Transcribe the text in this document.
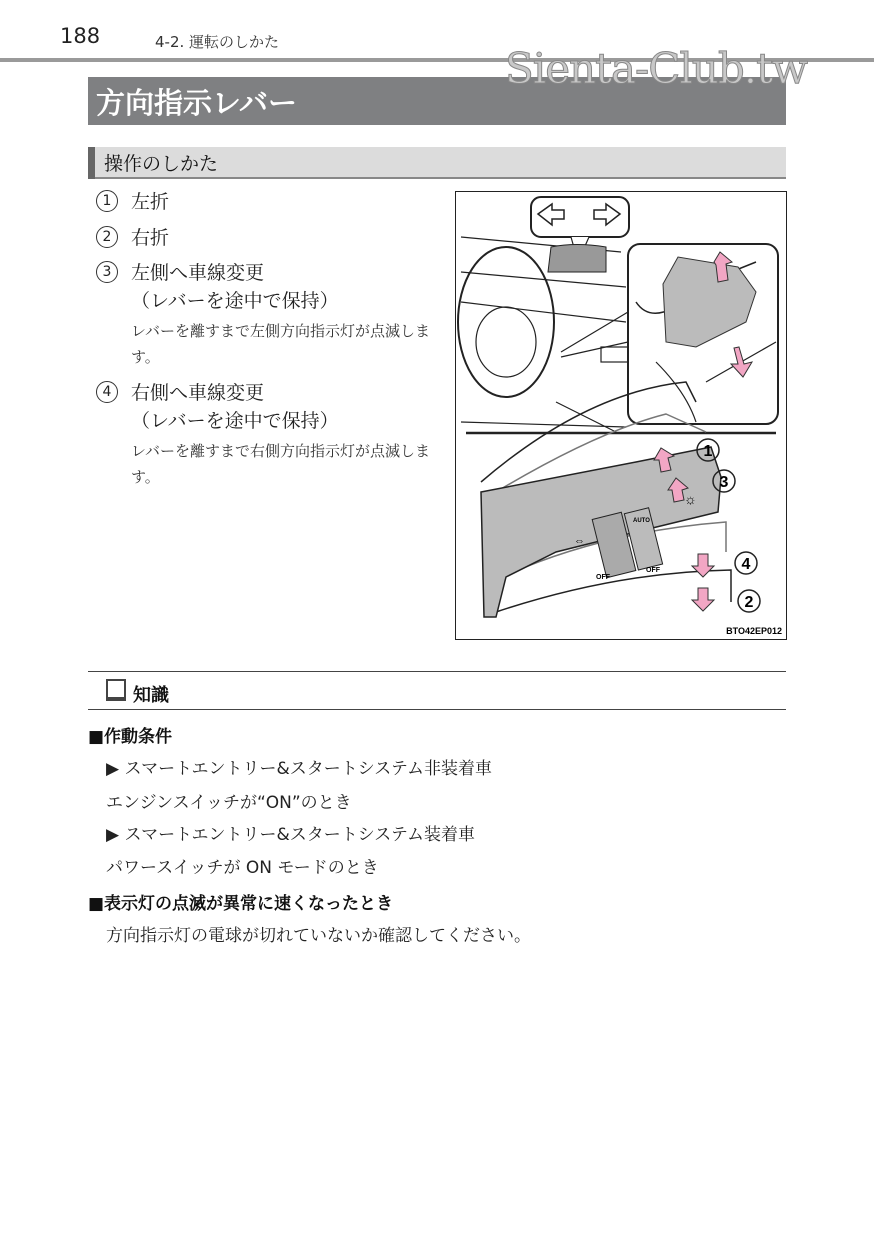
188	4-2. 運転のしかた
方向指示レバー
Sienta-Club.tw
操作のしかた
1	左折
2	右折
3	左側へ車線変更
（レバーを途中で保持）
レバーを離すまで左側方向指示灯が点滅します。
4	右側へ車線変更
（レバーを途中で保持）
レバーを離すまで右側方向指示灯が点滅します。
1
3
4
2
AUTO
OFF
OFF
☼
⇔
BTO42EP012
知識
■作動条件
▶ スマートエントリー&スタートシステム非装着車
エンジンスイッチが“ON”のとき
▶ スマートエントリー&スタートシステム装着車
パワースイッチが ON モードのとき
■表示灯の点滅が異常に速くなったとき
方向指示灯の電球が切れていないか確認してください。
